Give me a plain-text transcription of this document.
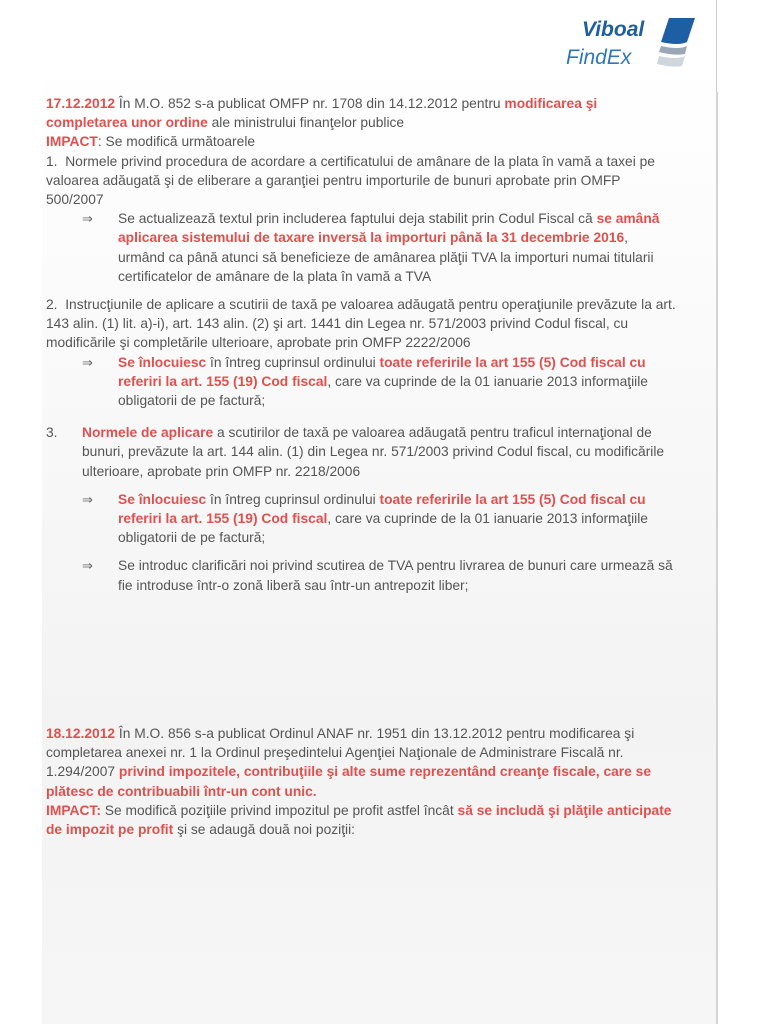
Viboal
FindEx

17.12.2012 În M.O. 852 s-a publicat OMFP nr. 1708 din 14.12.2012 pentru modificarea şi completarea unor ordine ale ministrului finanţelor publice

IMPACT: Se modifică următoarele

1. Normele privind procedura de acordare a certificatului de amânare de la plata în vamă a taxei pe valoarea adăugată şi de eliberare a garanţiei pentru importurile de bunuri aprobate prin OMFP 500/2007

⇒	Se actualizează textul prin includerea faptului deja stabilit prin Codul Fiscal că se amână aplicarea sistemului de taxare inversă la importuri până la 31 decembrie 2016, urmând ca până atunci să beneficieze de amânarea plăţii TVA la importuri numai titularii certificatelor de amânare de la plata în vamă a TVA

2. Instrucţiunile de aplicare a scutirii de taxă pe valoarea adăugată pentru operaţiunile prevăzute la art. 143 alin. (1) lit. a)-i), art. 143 alin. (2) şi art. 1441 din Legea nr. 571/2003 privind Codul fiscal, cu modificările şi completările ulterioare, aprobate prin OMFP 2222/2006

⇒	Se înlocuiesc în întreg cuprinsul ordinului toate referirile la art 155 (5) Cod fiscal cu referiri la art. 155 (19) Cod fiscal, care va cuprinde de la 01 ianuarie 2013 informaţiile obligatorii de pe factură;
3.	Normele de aplicare a scutirilor de taxă pe valoarea adăugată pentru traficul internaţional de bunuri, prevăzute la art. 144 alin. (1) din Legea nr. 571/2003 privind Codul fiscal, cu modificările ulterioare, aprobate prin OMFP nr. 2218/2006
⇒	Se înlocuiesc în întreg cuprinsul ordinului toate referirile la art 155 (5) Cod fiscal cu referiri la art. 155 (19) Cod fiscal, care va cuprinde de la 01 ianuarie 2013 informaţiile obligatorii de pe factură;
⇒	Se introduc clarificări noi privind scutirea de TVA pentru livrarea de bunuri care urmează să fie introduse într-o zonă liberă sau într-un antrepozit liber;

18.12.2012 În M.O. 856 s-a publicat Ordinul ANAF nr. 1951 din 13.12.2012 pentru modificarea şi completarea anexei nr. 1 la Ordinul preşedintelui Agenţiei Naţionale de Administrare Fiscală nr. 1.294/2007 privind impozitele, contribuţiile şi alte sume reprezentând creanţe fiscale, care se plătesc de contribuabili într-un cont unic.

IMPACT: Se modifică poziţiile privind impozitul pe profit astfel încât să se includă şi plăţile anticipate de impozit pe profit şi se adaugă două noi poziţii:
